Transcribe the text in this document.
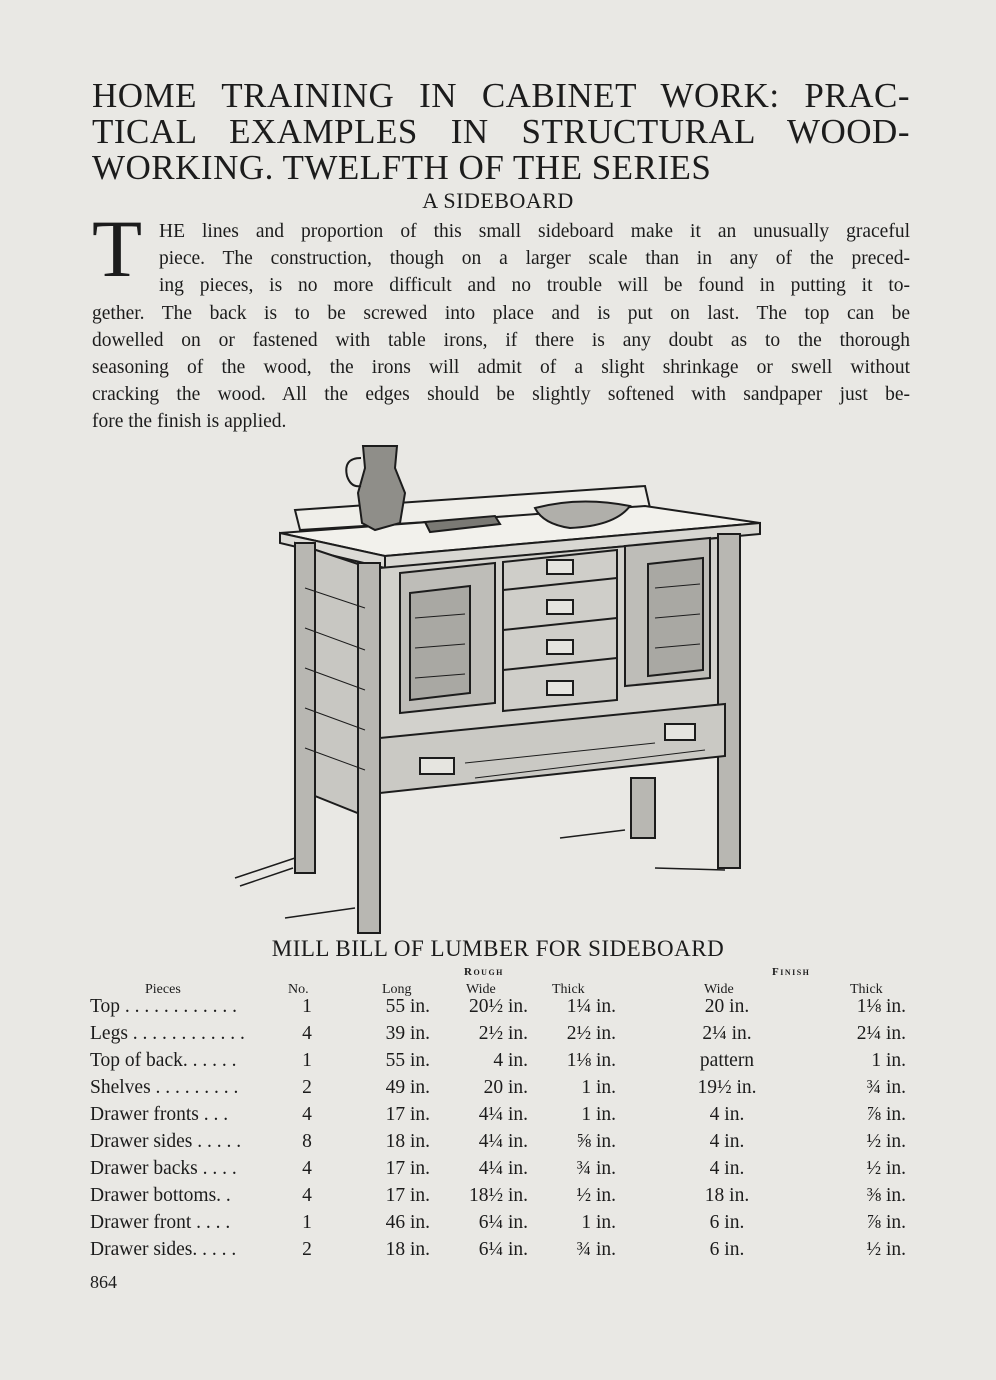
HOME TRAINING IN CABINET WORK: PRAC-
TICAL EXAMPLES IN STRUCTURAL WOOD-
WORKING. TWELFTH OF THE SERIES
A SIDEBOARD
T HE lines and proportion of this small sideboard make it an unusually graceful
piece. The construction, though on a larger scale than in any of the preced-
ing pieces, is no more difficult and no trouble will be found in putting it to-
gether. The back is to be screwed into place and is put on last. The top can be
dowelled on or fastened with table irons, if there is any doubt as to the thorough
seasoning of the wood, the irons will admit of a slight shrinkage or swell without
cracking the wood. All the edges should be slightly softened with sandpaper just be-
fore the finish is applied.
MILL BILL OF LUMBER FOR SIDEBOARD
Rough	Finish
Pieces	No.	Long	Wide	Thick	Wide	Thick
Top . . . . . . . . . . . .	1	55 in.	20½ in.	1¼ in.	20 in.	1⅛ in.
Legs . . . . . . . . . . . .	4	39 in.	2½ in.	2½ in.	2¼ in.	2¼ in.
Top of back. . . . . .	1	55 in.	4 in.	1⅛ in.	pattern	1 in.
Shelves . . . . . . . . .	2	49 in.	20 in.	1 in.	19½ in.	¾ in.
Drawer fronts . . .	4	17 in.	4¼ in.	1 in.	4 in.	⅞ in.
Drawer sides . . . . .	8	18 in.	4¼ in.	⅝ in.	4 in.	½ in.
Drawer backs . . . .	4	17 in.	4¼ in.	¾ in.	4 in.	½ in.
Drawer bottoms. .	4	17 in.	18½ in.	½ in.	18 in.	⅜ in.
Drawer front . . . .	1	46 in.	6¼ in.	1 in.	6 in.	⅞ in.
Drawer sides. . . . .	2	18 in.	6¼ in.	¾ in.	6 in.	½ in.
864
